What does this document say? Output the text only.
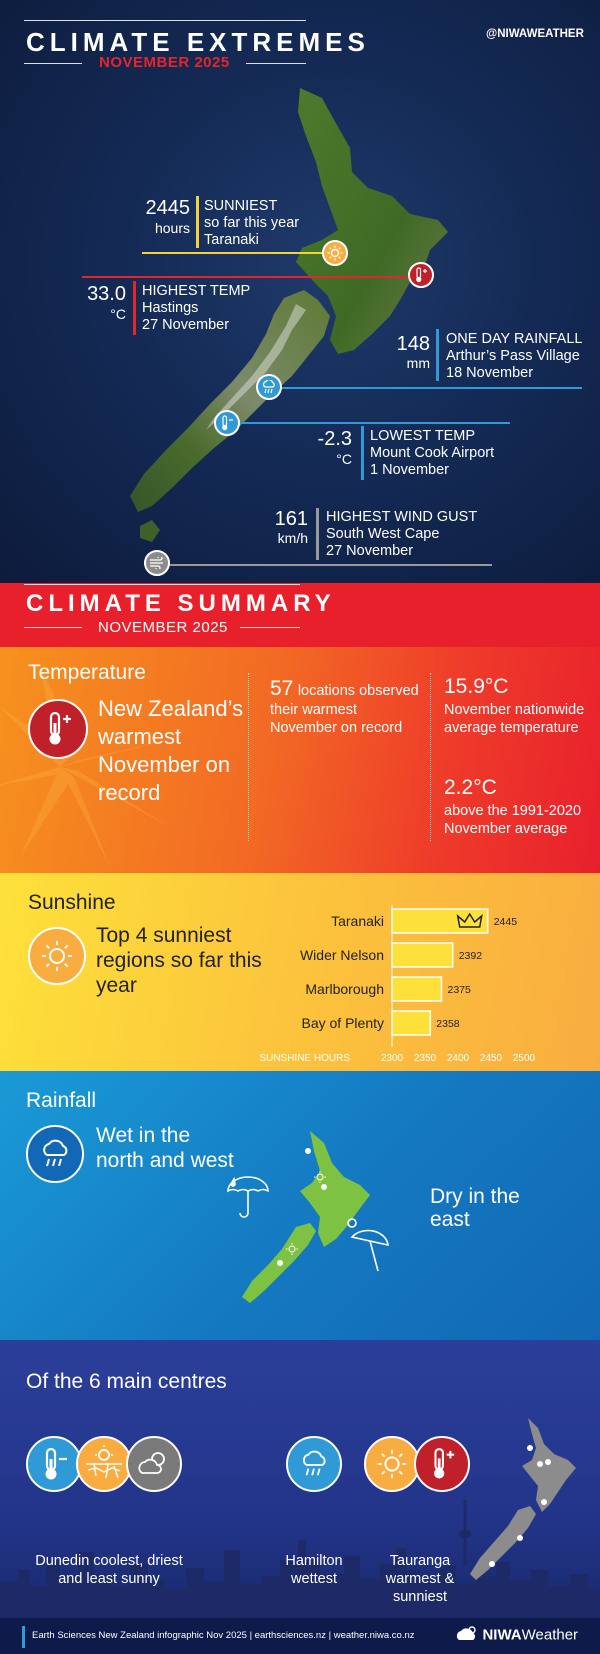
CLIMATE EXTREMES
NOVEMBER 2025
@NIWAWEATHER
2445
hours
SUNNIEST
so far this year
Taranaki
33.0
°C
HIGHEST TEMP
Hastings
27 November
148
mm
ONE DAY RAINFALL
Arthur’s Pass Village
18 November
-2.3
°C
LOWEST TEMP
Mount Cook Airport
1 November
161
km/h
HIGHEST WIND GUST
South West Cape
27 November
CLIMATE SUMMARY
NOVEMBER 2025
Temperature
New Zealand’s warmest November on record
57 locations observed their warmest November on record
15.9°C
November nationwide average temperature
2.2°C
above the 1991-2020 November average
Sunshine
Top 4 sunniest regions so far this year
Taranaki	2445
Wider Nelson	2392
Marlborough	2375
Bay of Plenty	2358
SUNSHINE HOURS	2300 2350 2400 2450 2500
Rainfall
Wet in the north and west
Dry in the east
Of the 6 main centres
Dunedin coolest, driest and least sunny
Hamilton wettest
Tauranga warmest & sunniest
Earth Sciences New Zealand infographic Nov 2025 | earthsciences.nz | weather.niwa.co.nz	NIWAWeather
